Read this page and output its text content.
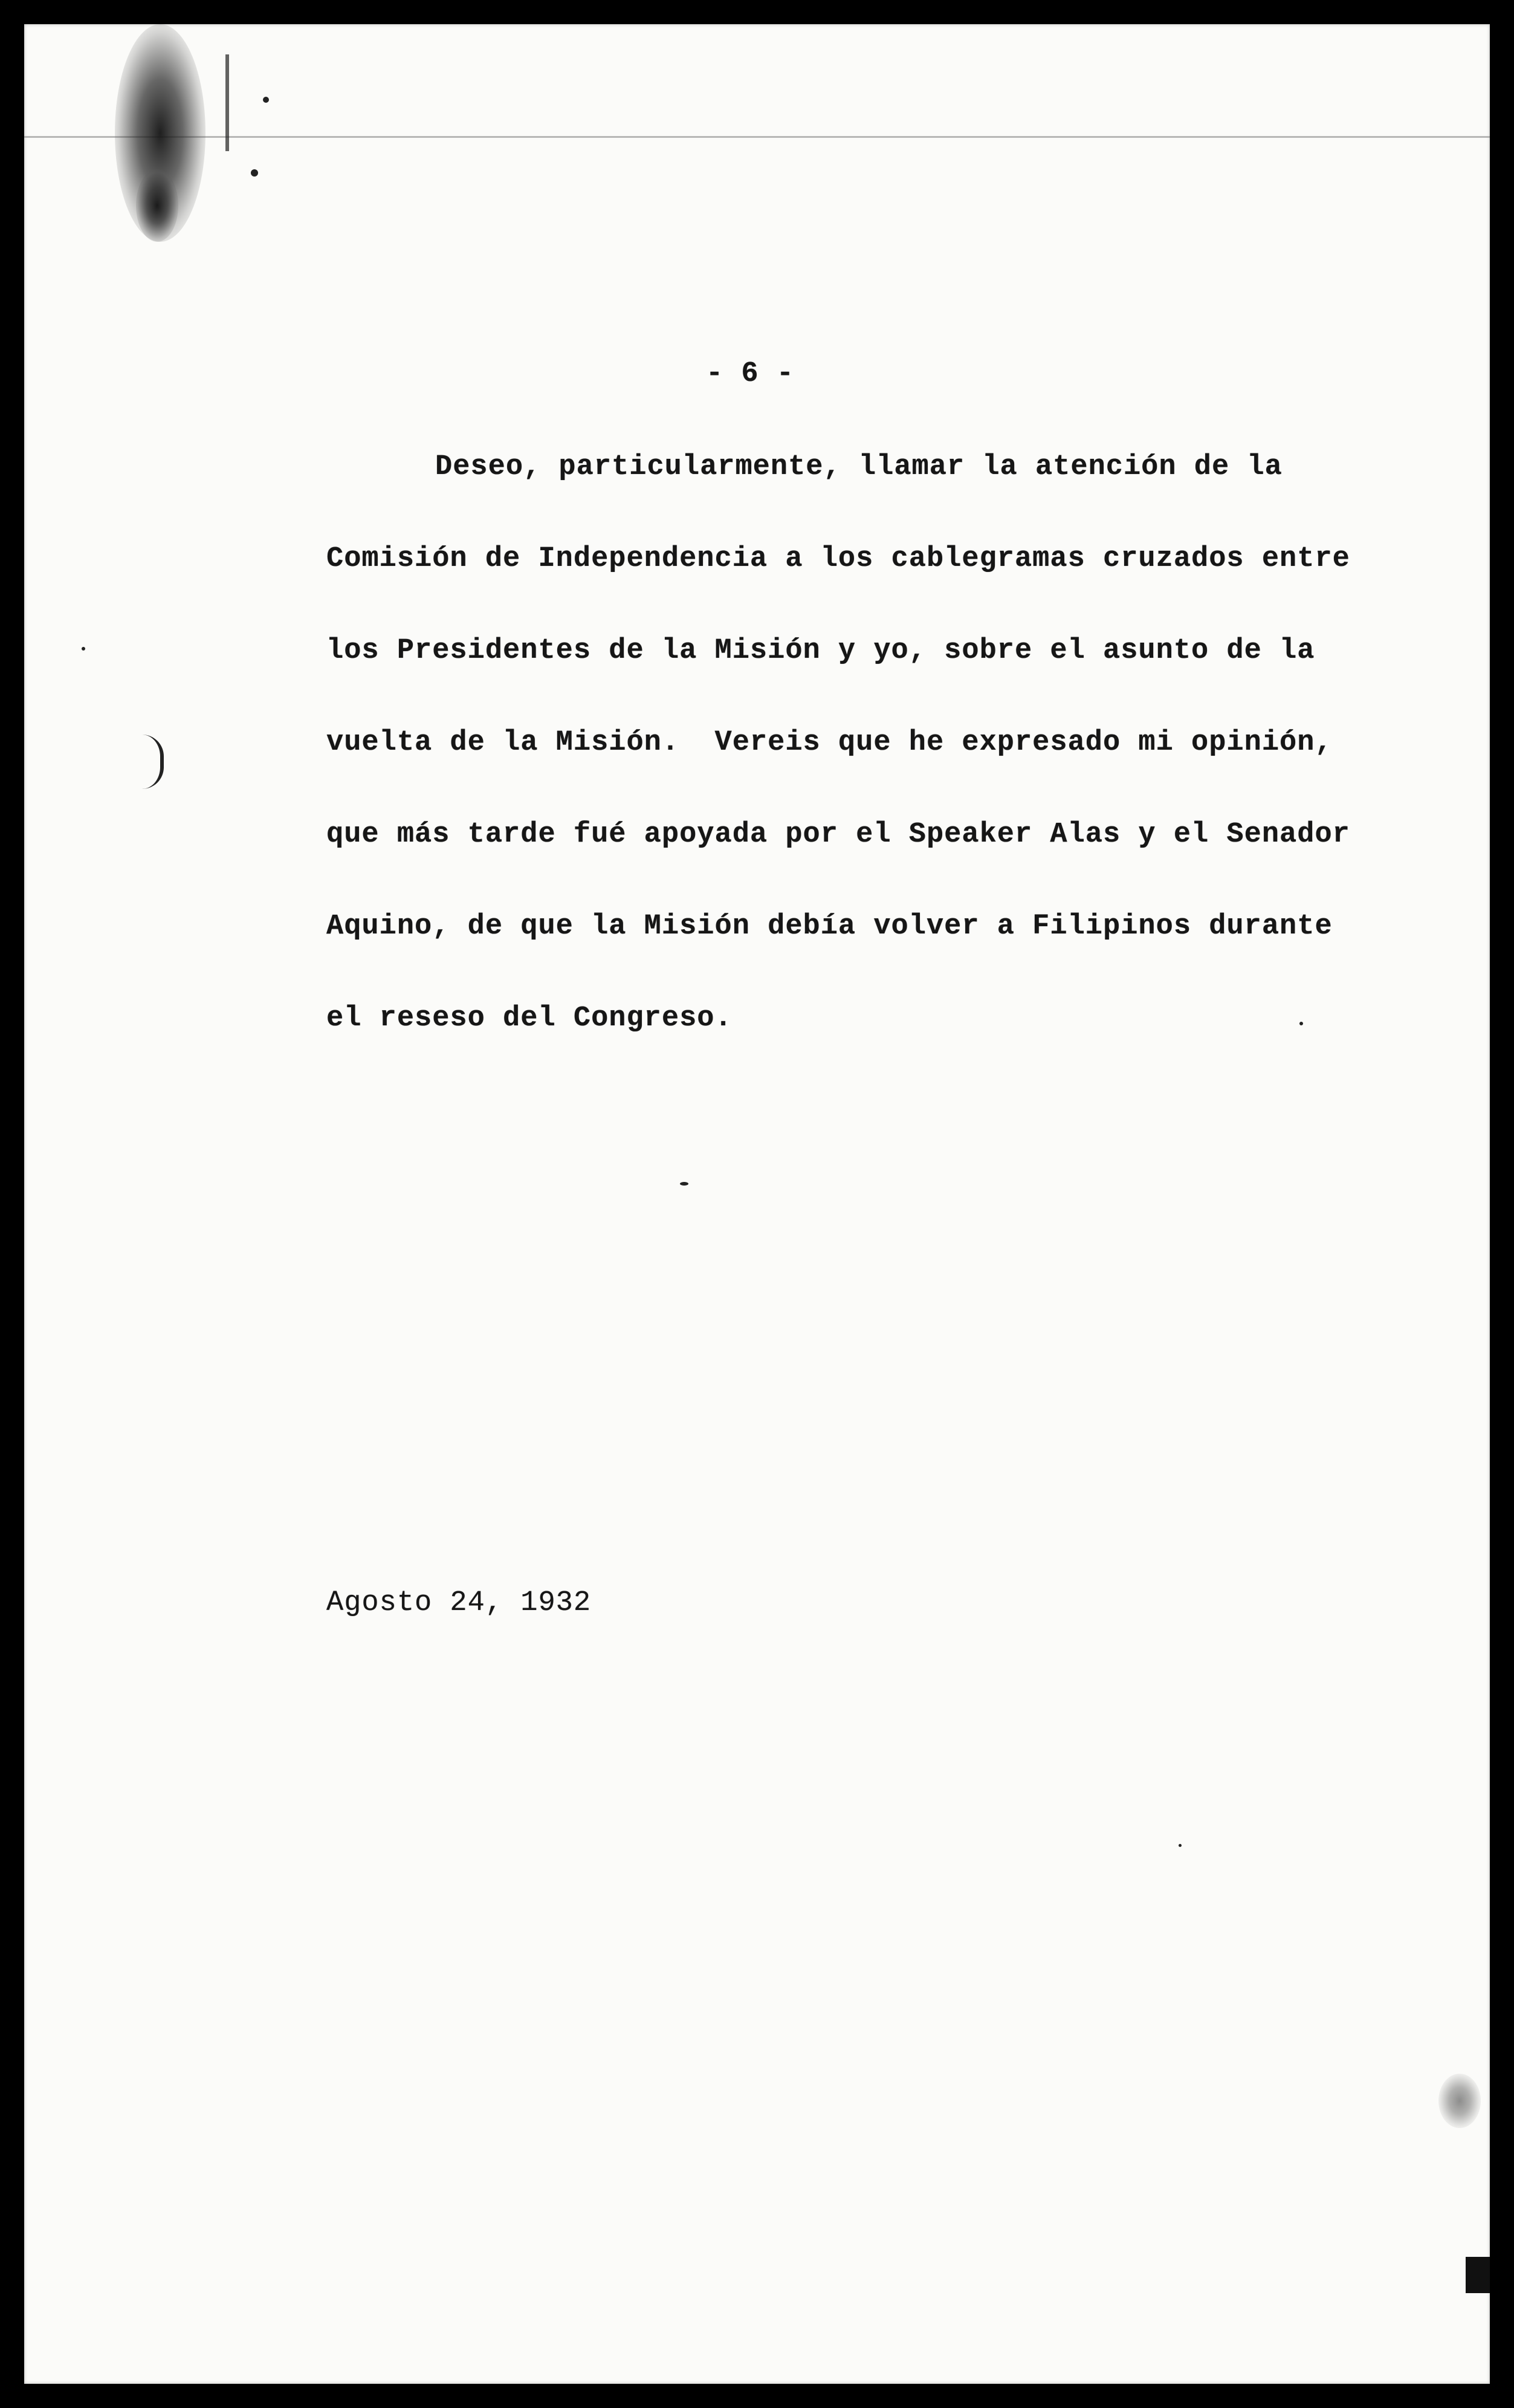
- 6 -
Deseo, particularmente, llamar la atención de la
Comisión de Independencia a los cablegramas cruzados entre
los Presidentes de la Misión y yo, sobre el asunto de la
vuelta de la Misión.  Vereis que he expresado mi opinión,
que más tarde fué apoyada por el Speaker Alas y el Senador
Aquino, de que la Misión debía volver a Filipinos durante
el reseso del Congreso.
Agosto 24, 1932
